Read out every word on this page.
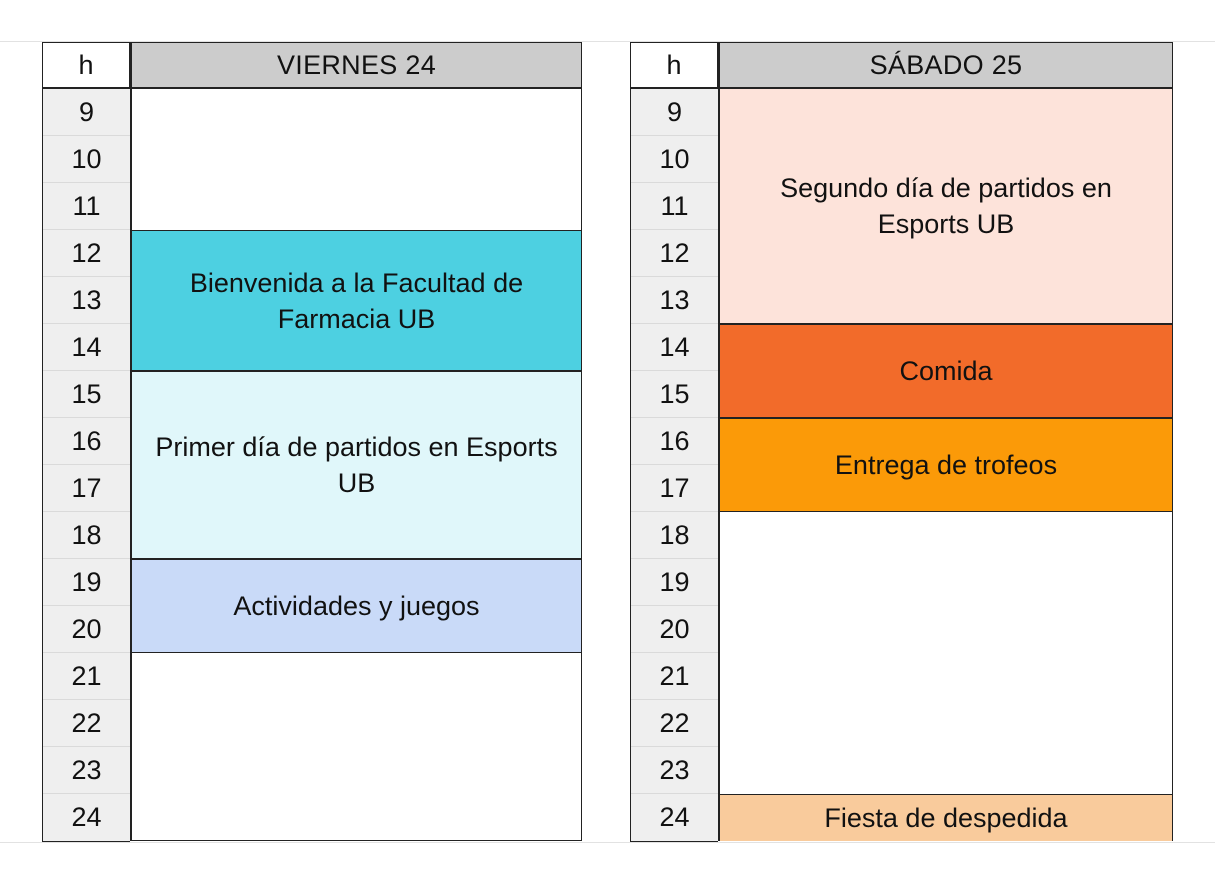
h	VIERNES 24
9
10
11
12
13
14
15
16
17
18
19
20
21
22
23
24
Bienvenida a la Facultad de Farmacia UB
Primer día de partidos en Esports UB
Actividades y juegos
h	SÁBADO 25
9
10
11
12
13
14
15
16
17
18
19
20
21
22
23
24
Segundo día de partidos en Esports UB
Comida
Entrega de trofeos
Fiesta de despedida
